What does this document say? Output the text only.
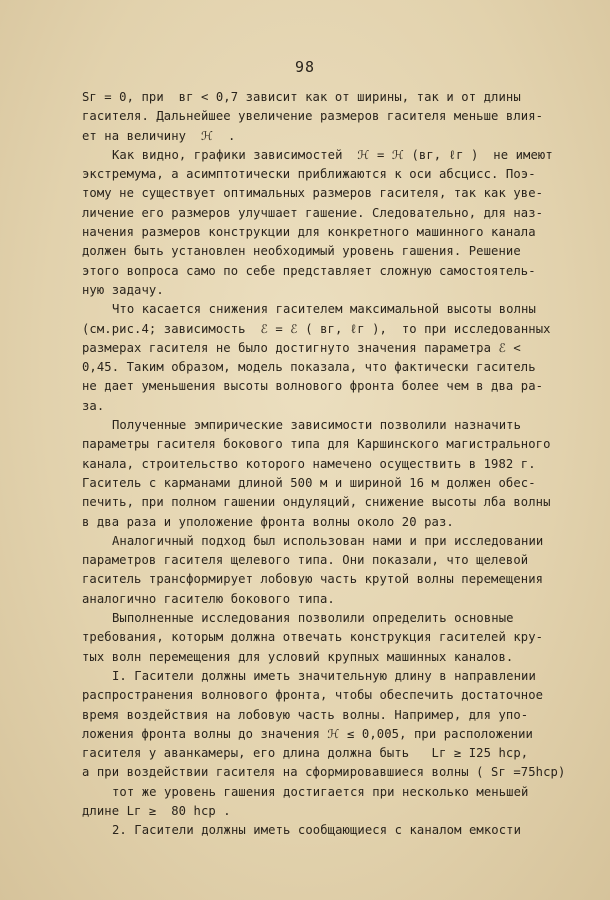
98
Sг = 0, при  вг < 0,7 зависит как от ширины, так и от длины
гасителя. Дальнейшее увеличение размеров гасителя меньше влия-
ет на величину  ℋ  .
Как видно, графики зависимостей  ℋ = ℋ (вг, ℓг )  не имеют
экстремума, а асимптотически приближаются к оси абсцисс. Поэ-
тому не существует оптимальных размеров гасителя, так как уве-
личение его размеров улучшает гашение. Следовательно, для наз-
начения размеров конструкции для конкретного машинного канала
должен быть установлен необходимый уровень гашения. Решение
этого вопроса само по себе представляет сложную самостоятель-
ную задачу.
Что касается снижения гасителем максимальной высоты волны
(см.рис.4; зависимость  ℰ = ℰ ( вг, ℓг ),  то при исследованных
размерах гасителя не было достигнуто значения параметра ℰ <
0,45. Таким образом, модель показала, что фактически гаситель
не дает уменьшения высоты волнового фронта более чем в два ра-
за.
Полученные эмпирические зависимости позволили назначить
параметры гасителя бокового типа для Каршинского магистрального
канала, строительство которого намечено осуществить в 1982 г.
Гаситель с карманами длиной 500 м и шириной 16 м должен обес-
печить, при полном гашении ондуляций, снижение высоты лба волны
в два раза и уположение фронта волны около 20 раз.
Аналогичный подход был использован нами и при исследовании
параметров гасителя щелевого типа. Они показали, что щелевой
гаситель трансформирует лобовую часть крутой волны перемещения
аналогично гасителю бокового типа.
Выполненные исследования позволили определить основные
требования, которым должна отвечать конструкция гасителей кру-
тых волн перемещения для условий крупных машинных каналов.
I. Гасители должны иметь значительную длину в направлении
распространения волнового фронта, чтобы обеспечить достаточное
время воздействия на лобовую часть волны. Например, для упо-
ложения фронта волны до значения ℋ ≤ 0,005, при расположении
гасителя у аванкамеры, его длина должна быть   Lг ≥ I25 hср,
а при воздействии гасителя на сформировавшиеся волны ( Sг =75hср)
тот же уровень гашения достигается при несколько меньшей
длине Lг ≥  80 hср .
2. Гасители должны иметь сообщающиеся с каналом емкости
